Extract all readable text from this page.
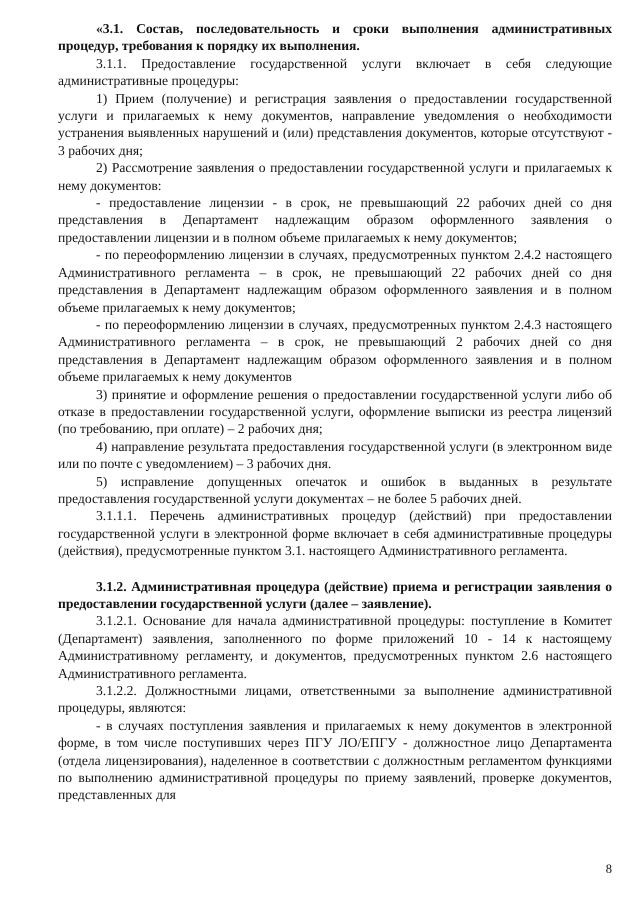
«3.1. Состав, последовательность и сроки выполнения административных процедур, требования к порядку их выполнения.

3.1.1. Предоставление государственной услуги включает в себя следующие административные процедуры:

1) Прием (получение) и регистрация заявления о предоставлении государственной услуги и прилагаемых к нему документов, направление уведомления о необходимости устранения выявленных нарушений и (или) представления документов, которые отсутствуют - 3 рабочих дня;

2) Рассмотрение заявления о предоставлении государственной услуги и прилагаемых к нему документов:

- предоставление лицензии - в срок, не превышающий 22 рабочих дней со дня представления в Департамент надлежащим образом оформленного заявления о предоставлении лицензии и в полном объеме прилагаемых к нему документов;

- по переоформлению лицензии в случаях, предусмотренных пунктом 2.4.2 настоящего Административного регламента – в срок, не превышающий 22 рабочих дней со дня представления в Департамент надлежащим образом оформленного заявления и в полном объеме прилагаемых к нему документов;

- по переоформлению лицензии в случаях, предусмотренных пунктом 2.4.3 настоящего Административного регламента – в срок, не превышающий 2 рабочих дней со дня представления в Департамент надлежащим образом оформленного заявления и в полном объеме прилагаемых к нему документов

3) принятие и оформление решения о предоставлении государственной услуги либо об отказе в предоставлении государственной услуги, оформление выписки из реестра лицензий (по требованию, при оплате) – 2 рабочих дня;

4) направление результата предоставления государственной услуги (в электронном виде или по почте с уведомлением) – 3 рабочих дня.

5) исправление допущенных опечаток и ошибок в выданных в результате предоставления государственной услуги документах – не более 5 рабочих дней.

3.1.1.1. Перечень административных процедур (действий) при предоставлении государственной услуги в электронной форме включает в себя административные процедуры (действия), предусмотренные пунктом 3.1. настоящего Административного регламента.

3.1.2. Административная процедура (действие) приема и регистрации заявления о предоставлении государственной услуги (далее – заявление).

3.1.2.1. Основание для начала административной процедуры: поступление в Комитет (Департамент) заявления, заполненного по форме приложений 10 - 14 к настоящему Административному регламенту, и документов, предусмотренных пунктом 2.6 настоящего Административного регламента.

3.1.2.2. Должностными лицами, ответственными за выполнение административной процедуры, являются:

- в случаях поступления заявления и прилагаемых к нему документов в электронной форме, в том числе поступивших через ПГУ ЛО/ЕПГУ - должностное лицо Департамента (отдела лицензирования), наделенное в соответствии с должностным регламентом функциями по выполнению административной процедуры по приему заявлений, проверке документов, представленных для

8
